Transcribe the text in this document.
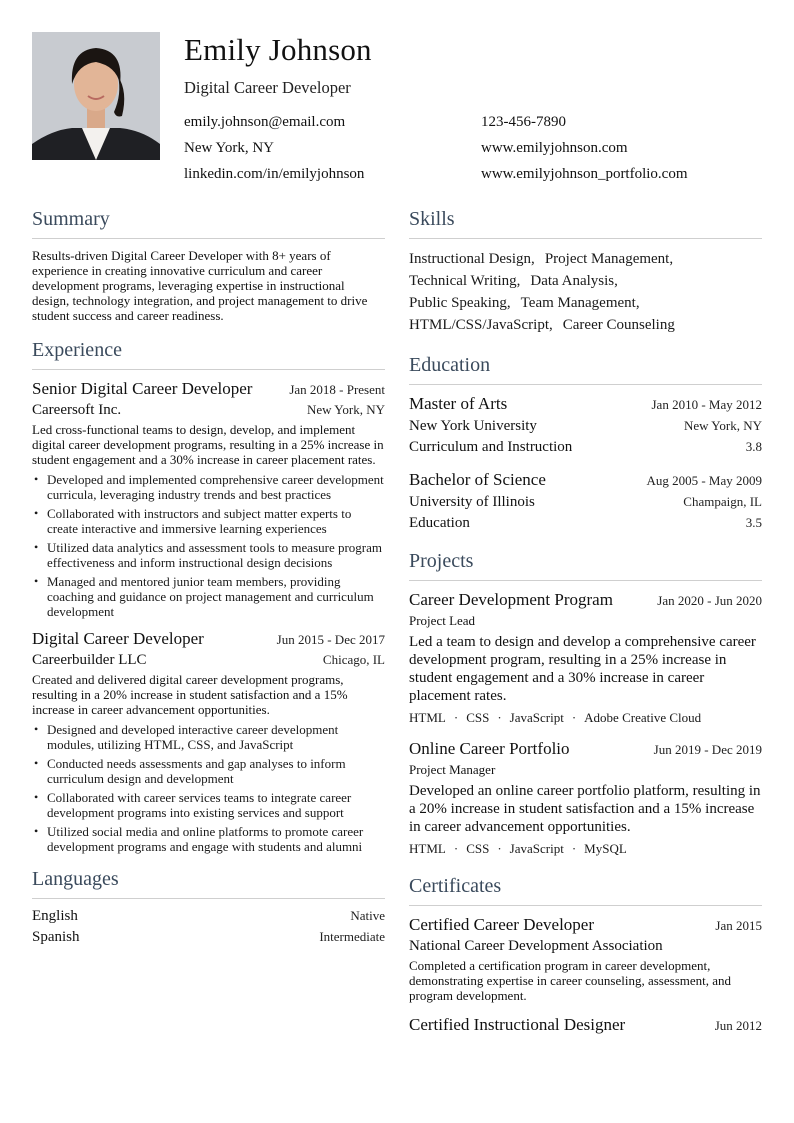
Emily Johnson
Digital Career Developer
emily.johnson@email.com	123-456-7890
New York, NY	www.emilyjohnson.com
linkedin.com/in/emilyjohnson	www.emilyjohnson_portfolio.com
Summary
Results-driven Digital Career Developer with 8+ years of experience in creating innovative curriculum and career development programs, leveraging expertise in instructional design, technology integration, and project management to drive student success and career readiness.
Experience
Senior Digital Career Developer	Jan 2018 - Present
Careersoft Inc.	New York, NY
Led cross-functional teams to design, develop, and implement digital career development programs, resulting in a 25% increase in student engagement and a 30% increase in career placement rates.
• Developed and implemented comprehensive career development curricula, leveraging industry trends and best practices
• Collaborated with instructors and subject matter experts to create interactive and immersive learning experiences
• Utilized data analytics and assessment tools to measure program effectiveness and inform instructional design decisions
• Managed and mentored junior team members, providing coaching and guidance on project management and curriculum development
Digital Career Developer	Jun 2015 - Dec 2017
Careerbuilder LLC	Chicago, IL
Created and delivered digital career development programs, resulting in a 20% increase in student satisfaction and a 15% increase in career advancement opportunities.
• Designed and developed interactive career development modules, utilizing HTML, CSS, and JavaScript
• Conducted needs assessments and gap analyses to inform curriculum design and development
• Collaborated with career services teams to integrate career development programs into existing services and support
• Utilized social media and online platforms to promote career development programs and engage with students and alumni
Languages
English	Native
Spanish	Intermediate
Skills
Instructional Design, Project Management,
Technical Writing, Data Analysis,
Public Speaking, Team Management,
HTML/CSS/JavaScript, Career Counseling
Education
Master of Arts	Jan 2010 - May 2012
New York University	New York, NY
Curriculum and Instruction	3.8
Bachelor of Science	Aug 2005 - May 2009
University of Illinois	Champaign, IL
Education	3.5
Projects
Career Development Program	Jan 2020 - Jun 2020
Project Lead
Led a team to design and develop a comprehensive career development program, resulting in a 25% increase in student engagement and a 30% increase in career placement rates.
HTML · CSS · JavaScript · Adobe Creative Cloud
Online Career Portfolio	Jun 2019 - Dec 2019
Project Manager
Developed an online career portfolio platform, resulting in a 20% increase in student satisfaction and a 15% increase in career advancement opportunities.
HTML · CSS · JavaScript · MySQL
Certificates
Certified Career Developer	Jan 2015
National Career Development Association
Completed a certification program in career development, demonstrating expertise in career counseling, assessment, and program development.
Certified Instructional Designer	Jun 2012
